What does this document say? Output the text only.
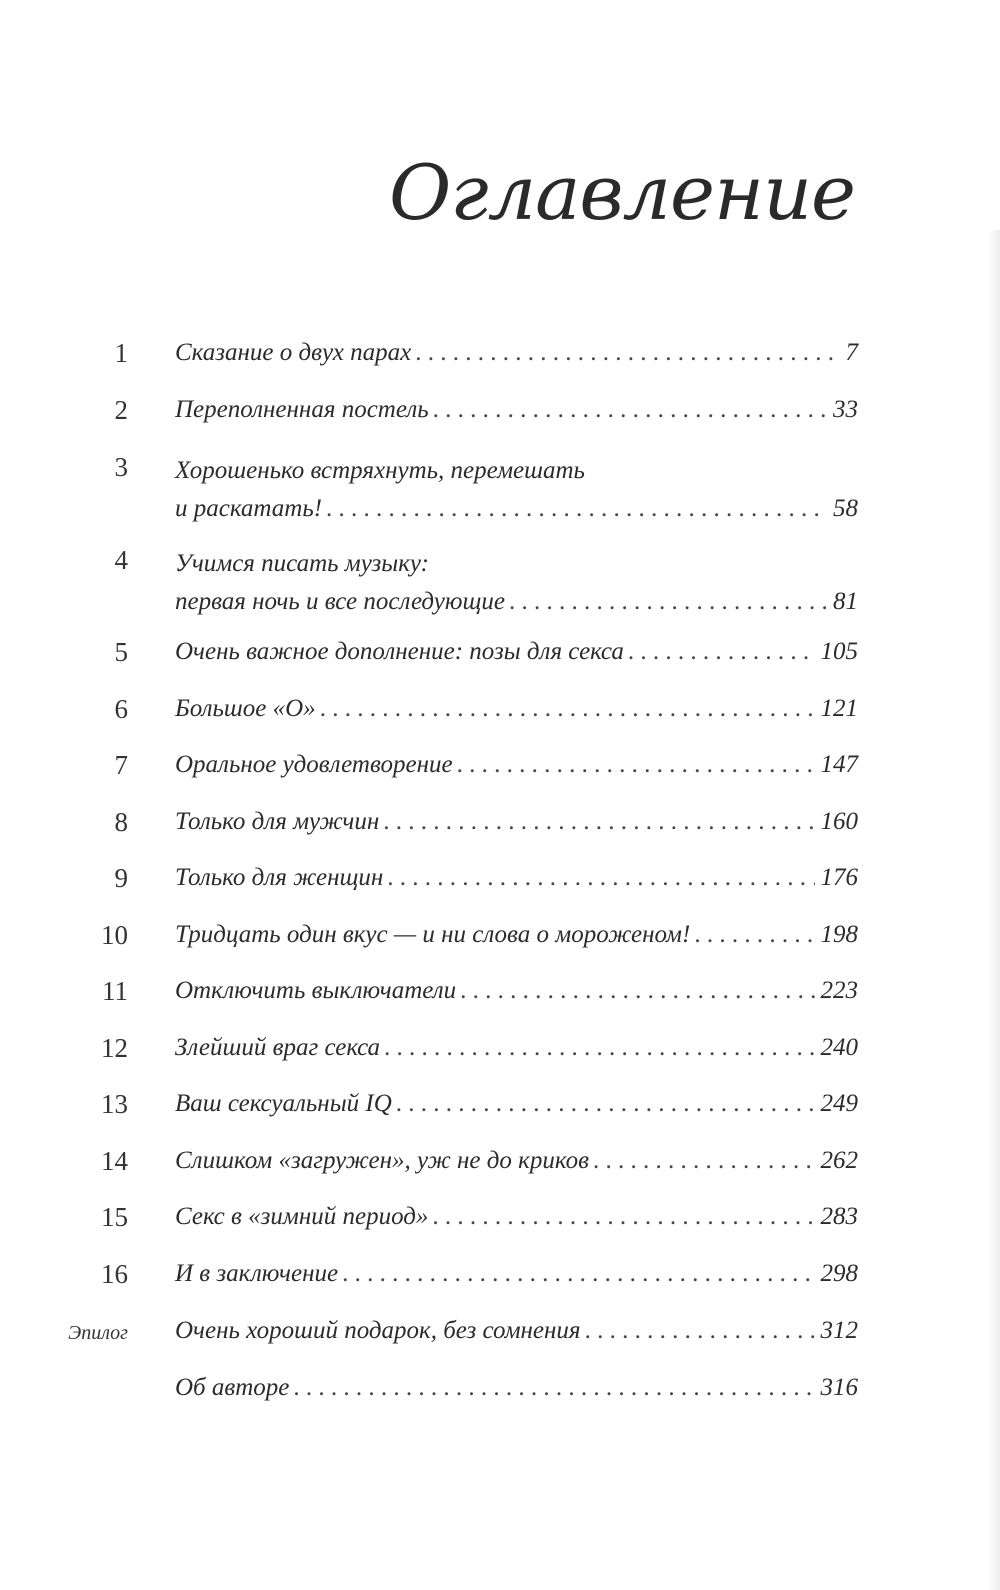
Оглавление
1 Сказание о двух парах . . .	7
2 Переполненная постель . . .	33
3 Хорошенько встряхнуть, перемешать
и раскатать! . . .	58
4 Учимся писать музыку:
первая ночь и все последующие . . .	81
5 Очень важное дополнение: позы для секса . . .	105
6 Большое «О» . . .	121
7 Оральное удовлетворение . . .	147
8 Только для мужчин . . .	160
9 Только для женщин . . .	176
10 Тридцать один вкус — и ни слова о мороженом! . . .	198
11 Отключить выключатели . . .	223
12 Злейший враг секса . . .	240
13 Ваш сексуальный IQ . . .	249
14 Слишком «загружен», уж не до криков . . .	262
15 Секс в «зимний период» . . .	283
16 И в заключение . . .	298
Эпилог Очень хороший подарок, без сомнения . . .	312
Об авторе . . .	316
